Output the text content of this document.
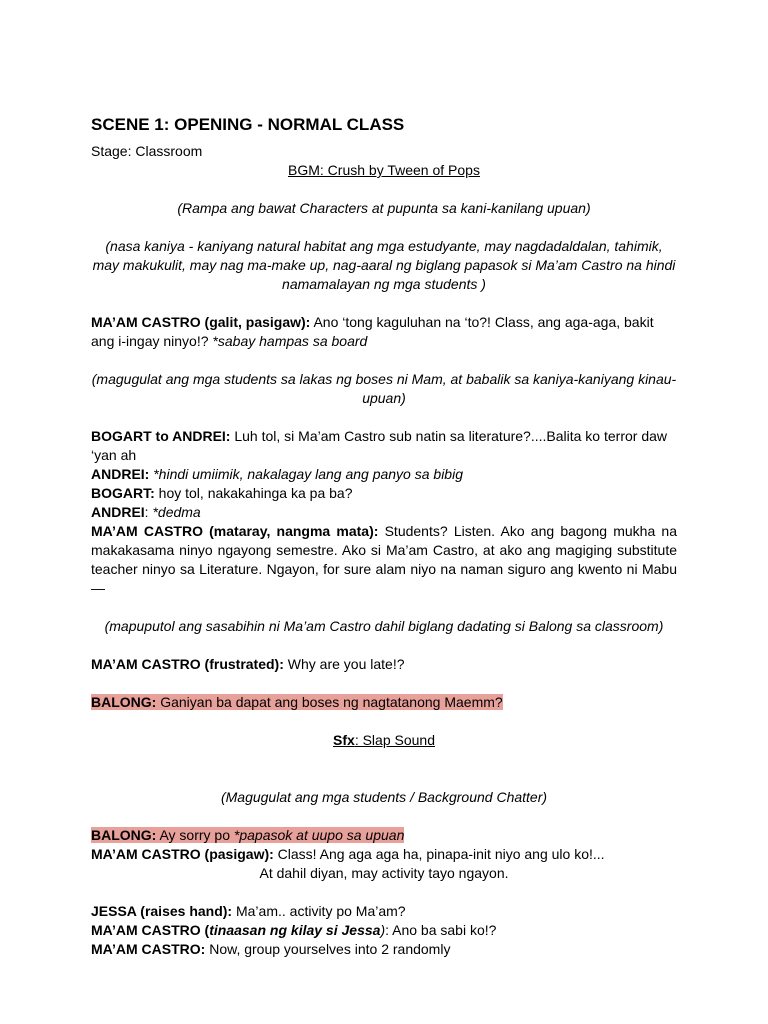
SCENE 1: OPENING - NORMAL CLASS

Stage: Classroom

BGM: Crush by Tween of Pops

(Rampa ang bawat Characters at pupunta sa kani-kanilang upuan)

(nasa kaniya - kaniyang natural habitat ang mga estudyante, may nagdadaldalan, tahimik, may makukulit, may nag ma-make up, nag-aaral ng biglang papasok si Ma’am Castro na hindi namamalayan ng mga students )

MA’AM CASTRO (galit, pasigaw): Ano ‘tong kaguluhan na ‘to?! Class, ang aga-aga, bakit ang i-ingay ninyo!? *sabay hampas sa board

(magugulat ang mga students sa lakas ng boses ni Mam, at babalik sa kaniya-kaniyang kinau-upuan)

BOGART to ANDREI: Luh tol, si Ma’am Castro sub natin sa literature?....Balita ko terror daw ‘yan ah

ANDREI: *hindi umiimik, nakalagay lang ang panyo sa bibig

BOGART: hoy tol, nakakahinga ka pa ba?

ANDREI: *dedma

MA’AM CASTRO (mataray, nangma mata): Students? Listen. Ako ang bagong mukha na makakasama ninyo ngayong semestre. Ako si Ma’am Castro, at ako ang magiging substitute teacher ninyo sa Literature. Ngayon, for sure alam niyo na naman siguro ang kwento ni Mabu—

(mapuputol ang sasabihin ni Ma’am Castro dahil biglang dadating si Balong sa classroom)

MA’AM CASTRO (frustrated): Why are you late!?

BALONG: Ganiyan ba dapat ang boses ng nagtatanong Maemm?

Sfx: Slap Sound

(Magugulat ang mga students / Background Chatter)

BALONG: Ay sorry po *papasok at uupo sa upuan

MA’AM CASTRO (pasigaw): Class! Ang aga aga ha, pinapa-init niyo ang ulo ko!...

At dahil diyan, may activity tayo ngayon.

JESSA (raises hand): Ma’am.. activity po Ma’am?

MA’AM CASTRO (tinaasan ng kilay si Jessa): Ano ba sabi ko!?

MA’AM CASTRO: Now, group yourselves into 2 randomly
